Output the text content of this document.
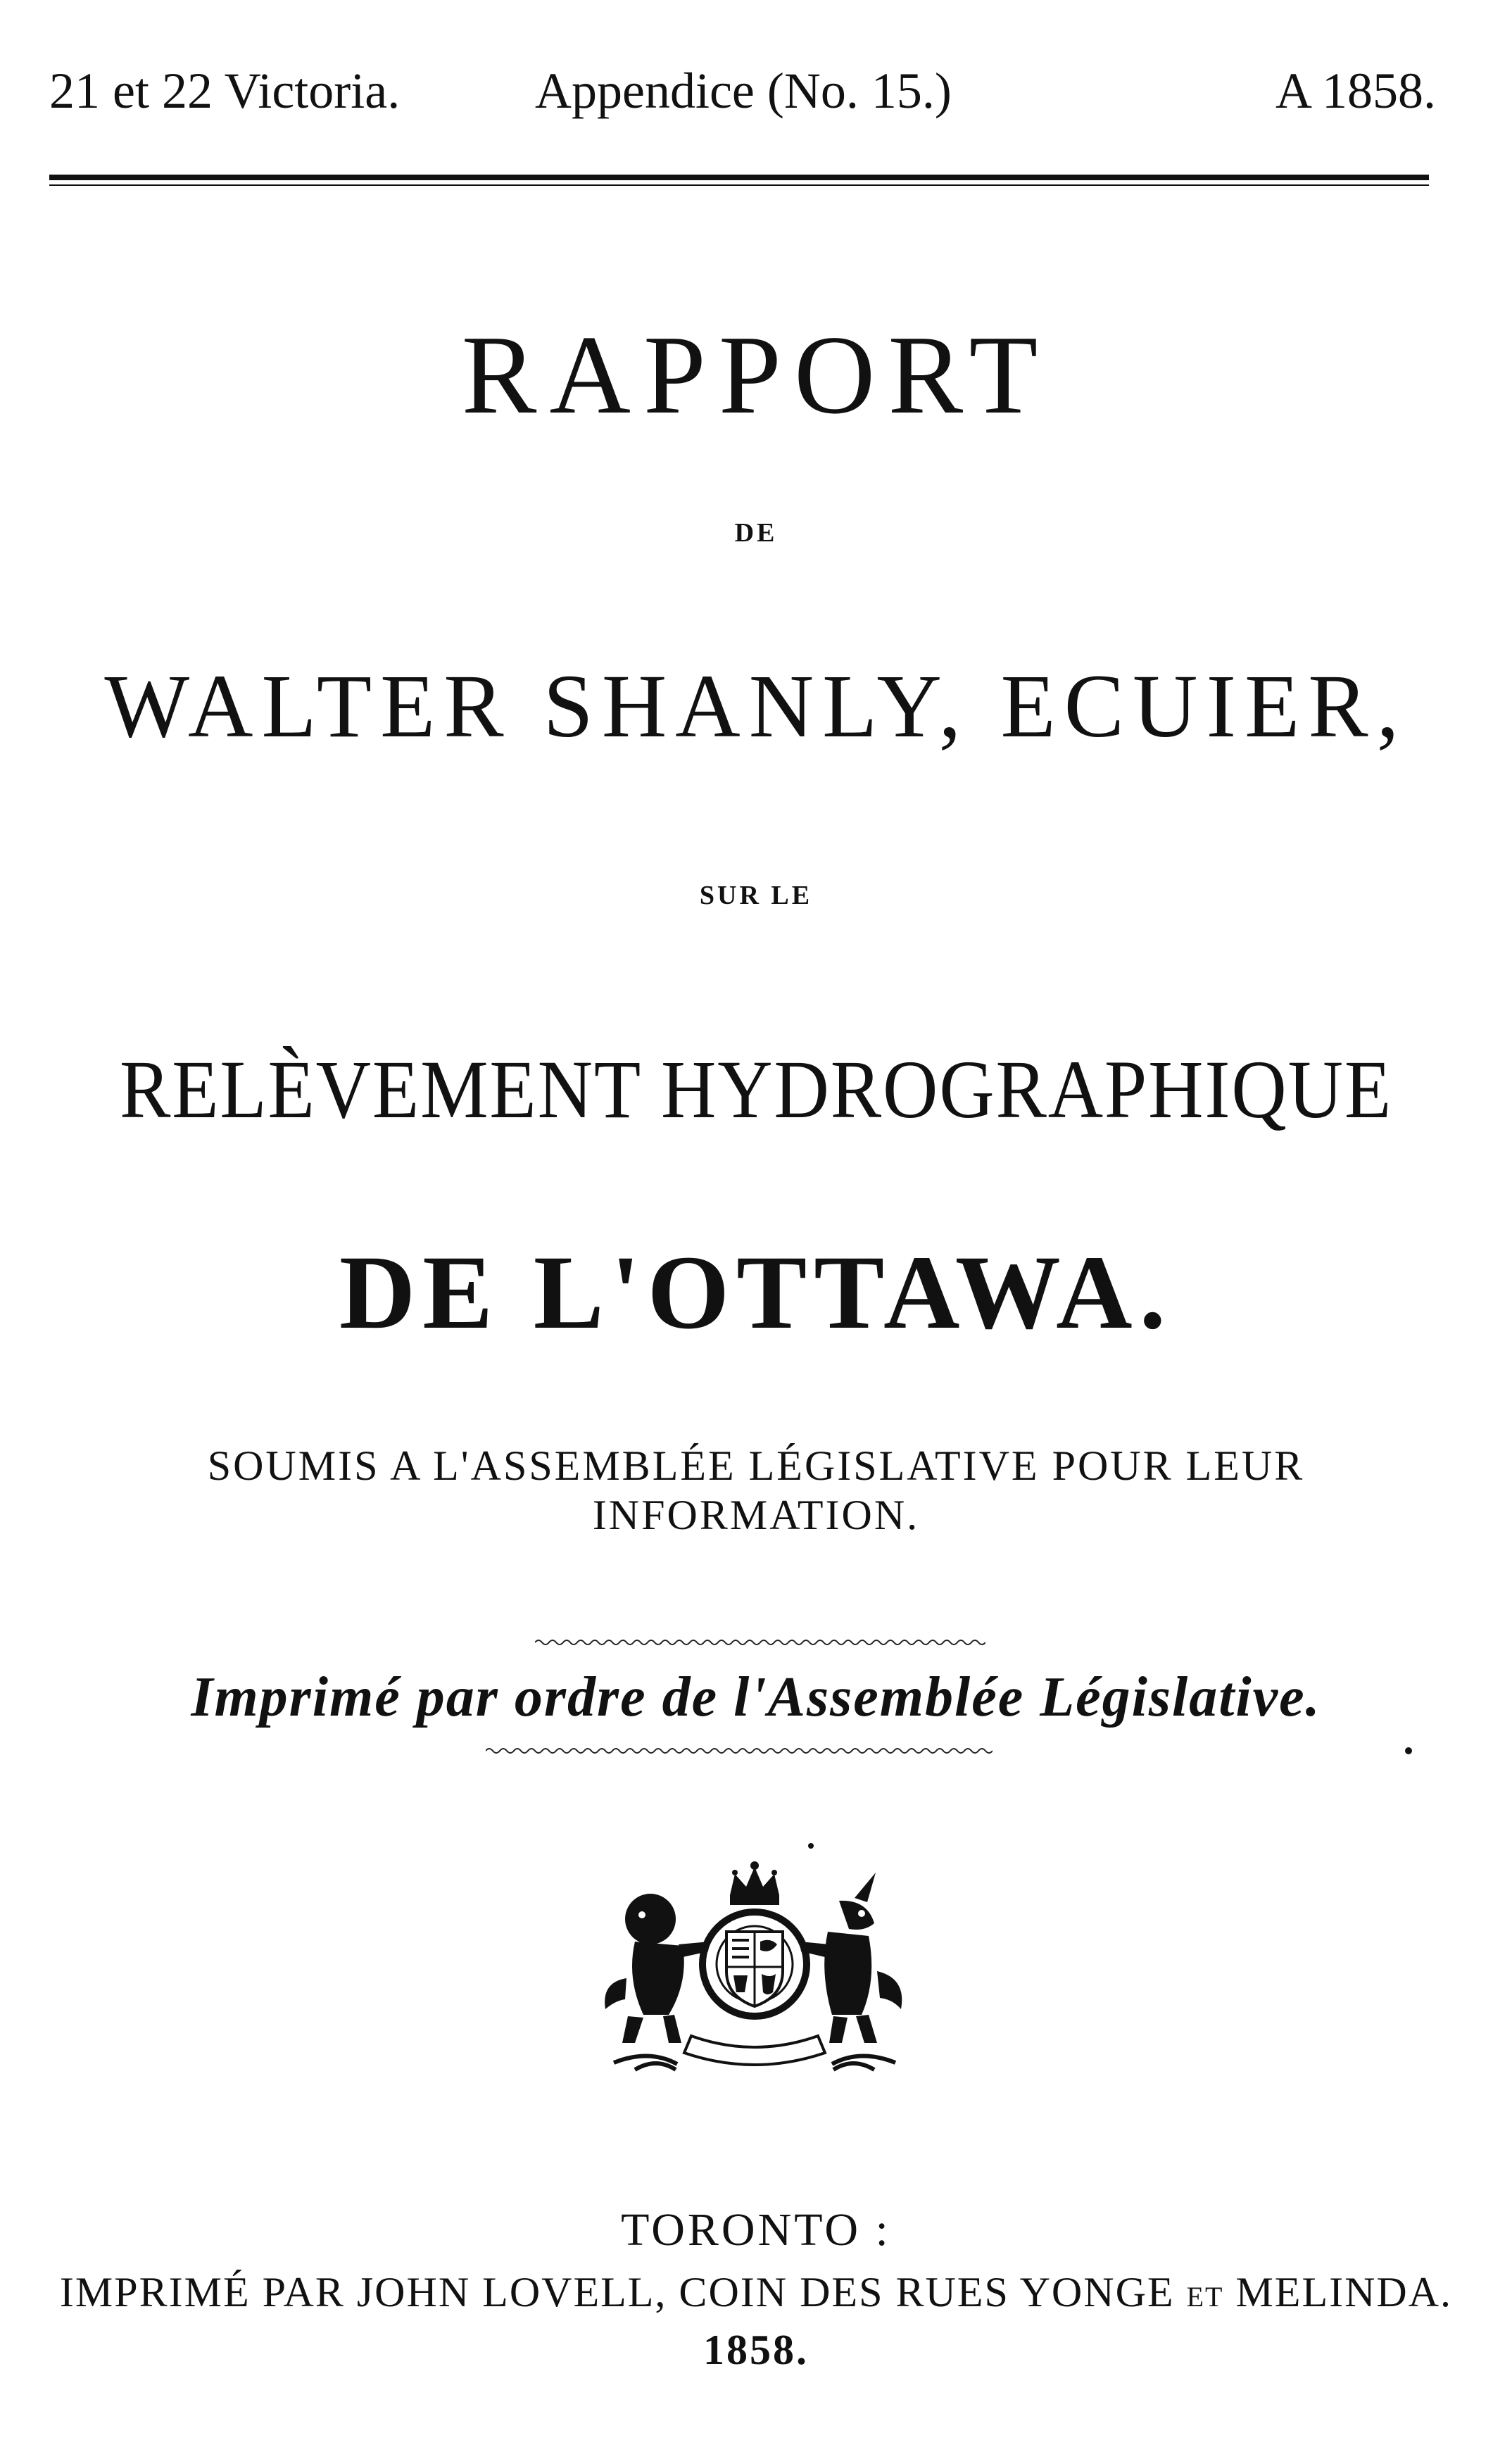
21 et 22 Victoria.	Appendice (No. 15.)	A 1858.
RAPPORT
DE
WALTER SHANLY, ECUIER,
SUR LE
RELÈVEMENT HYDROGRAPHIQUE
DE L'OTTAWA.
SOUMIS A L'ASSEMBLÉE LÉGISLATIVE POUR LEUR
INFORMATION.
Imprimé par ordre de l'Assemblée Législative.
TORONTO :
IMPRIMÉ PAR JOHN LOVELL, COIN DES RUES YONGE ET MELINDA.
1858.
